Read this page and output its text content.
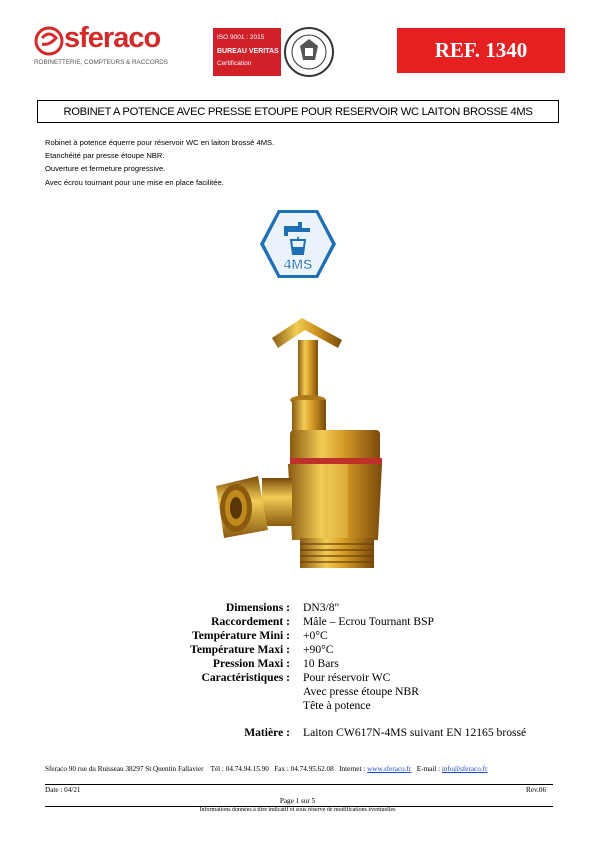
sferaco
ROBINETTERIE, COMPTEURS & RACCORDS
ISO 9001 : 2015
BUREAU VERITAS
Certification
REF. 1340
ROBINET A POTENCE AVEC PRESSE ETOUPE POUR RESERVOIR WC LAITON BROSSE 4MS
Robinet à potence équerre pour réservoir WC en laiton brossé 4MS.
Etanchéité par presse étoupe NBR.
Ouverture et fermeture progressive.
Avec écrou tournant pour une mise en place facilitée.
4MS
Dimensions : DN3/8"
Raccordement : Mâle – Ecrou Tournant BSP
Température Mini : +0°C
Température Maxi : +90°C
Pression Maxi : 10 Bars
Caractéristiques : Pour réservoir WC
Avec presse étoupe NBR
Tête à potence
Matière : Laiton CW617N-4MS suivant EN 12165 brossé
Sferaco 90 rue du Ruisseau 38297 St Quentin Fallavier Tél : 04.74.94.15.90 Fax : 04.74.95.62.08 Internet : www.sferaco.fr E-mail : info@sferaco.fr
Date : 04/21	Rev.06
Page 1 sur 5
Informations données à titre indicatif et sous réserve de modifications éventuelles
